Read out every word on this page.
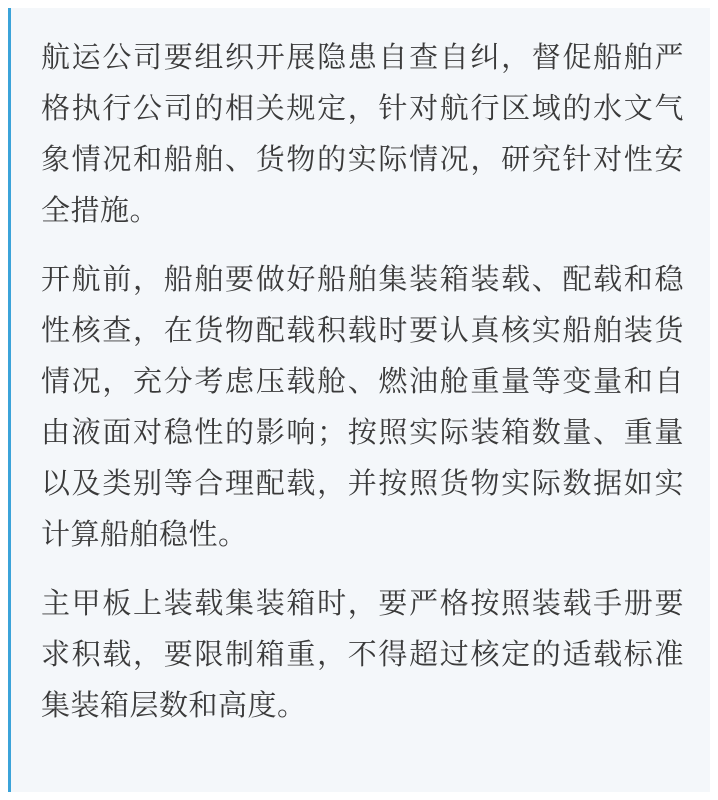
航运公司要组织开展隐患自查自纠，督促船舶严格执行公司的相关规定，针对航行区域的水文气象情况和船舶、货物的实际情况，研究针对性安全措施。

开航前，船舶要做好船舶集装箱装载、配载和稳性核查，在货物配载积载时要认真核实船舶装货情况，充分考虑压载舱、燃油舱重量等变量和自由液面对稳性的影响；按照实际装箱数量、重量以及类别等合理配载，并按照货物实际数据如实计算船舶稳性。

主甲板上装载集装箱时，要严格按照装载手册要求积载，要限制箱重，不得超过核定的适载标准集装箱层数和高度。
